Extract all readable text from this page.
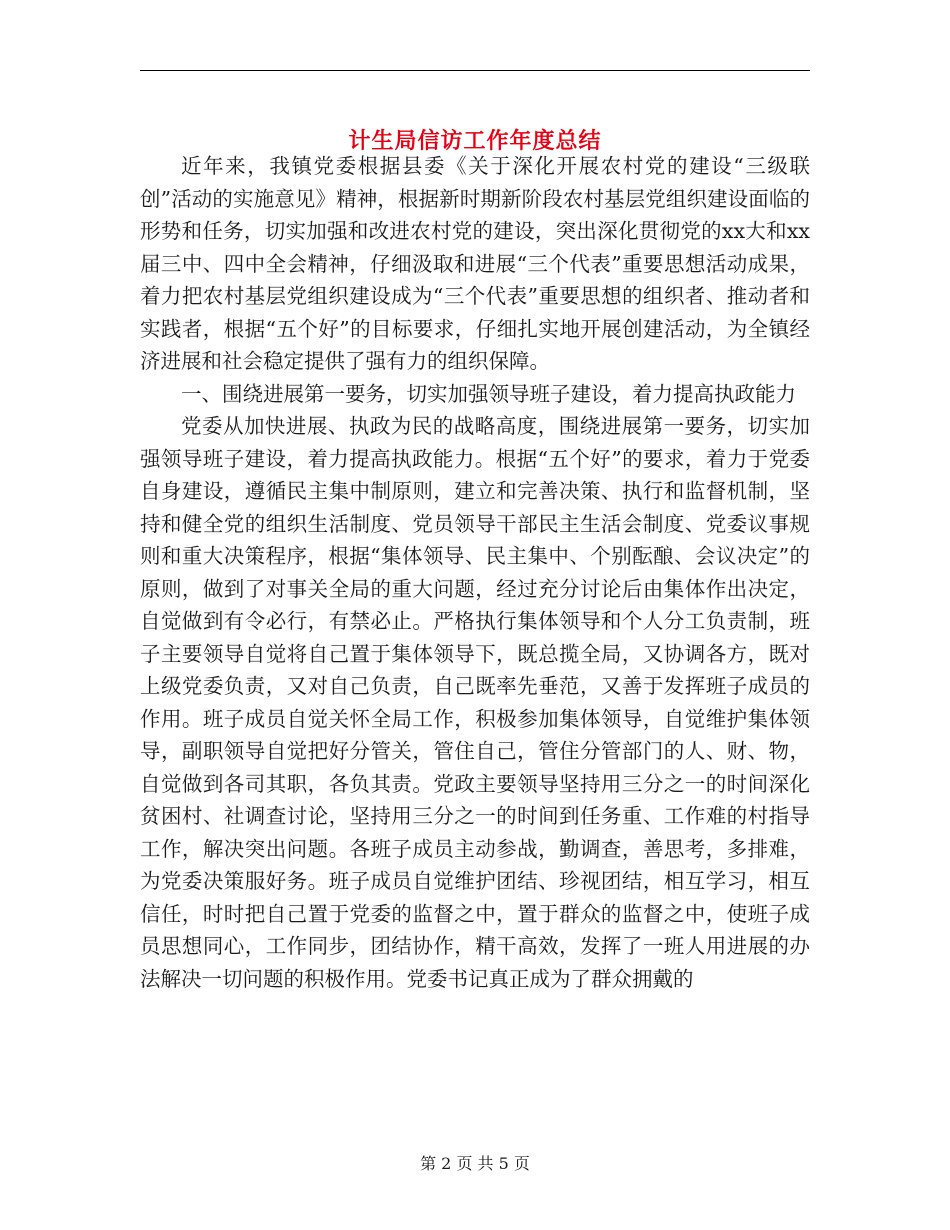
计生局信访工作年度总结

近年来，我镇党委根据县委《关于深化开展农村党的建设“三级联创”活动的实施意见》精神，根据新时期新阶段农村基层党组织建设面临的形势和任务，切实加强和改进农村党的建设，突出深化贯彻党的xx大和xx届三中、四中全会精神，仔细汲取和进展“三个代表”重要思想活动成果，着力把农村基层党组织建设成为“三个代表”重要思想的组织者、推动者和实践者，根据“五个好”的目标要求，仔细扎实地开展创建活动，为全镇经济进展和社会稳定提供了强有力的组织保障。

一、围绕进展第一要务，切实加强领导班子建设，着力提高执政能力

党委从加快进展、执政为民的战略高度，围绕进展第一要务，切实加强领导班子建设，着力提高执政能力。根据“五个好”的要求，着力于党委自身建设，遵循民主集中制原则，建立和完善决策、执行和监督机制，坚持和健全党的组织生活制度、党员领导干部民主生活会制度、党委议事规则和重大决策程序，根据“集体领导、民主集中、个别酝酿、会议决定”的原则，做到了对事关全局的重大问题，经过充分讨论后由集体作出决定，自觉做到有令必行，有禁必止。严格执行集体领导和个人分工负责制，班子主要领导自觉将自己置于集体领导下，既总揽全局，又协调各方，既对上级党委负责，又对自己负责，自己既率先垂范，又善于发挥班子成员的作用。班子成员自觉关怀全局工作，积极参加集体领导，自觉维护集体领导，副职领导自觉把好分管关，管住自己，管住分管部门的人、财、物，自觉做到各司其职，各负其责。党政主要领导坚持用三分之一的时间深化贫困村、社调查讨论，坚持用三分之一的时间到任务重、工作难的村指导工作，解决突出问题。各班子成员主动参战，勤调查，善思考，多排难，为党委决策服好务。班子成员自觉维护团结、珍视团结，相互学习，相互信任，时时把自己置于党委的监督之中，置于群众的监督之中，使班子成员思想同心，工作同步，团结协作，精干高效，发挥了一班人用进展的办法解决一切问题的积极作用。党委书记真正成为了群众拥戴的

第 2 页 共 5 页
